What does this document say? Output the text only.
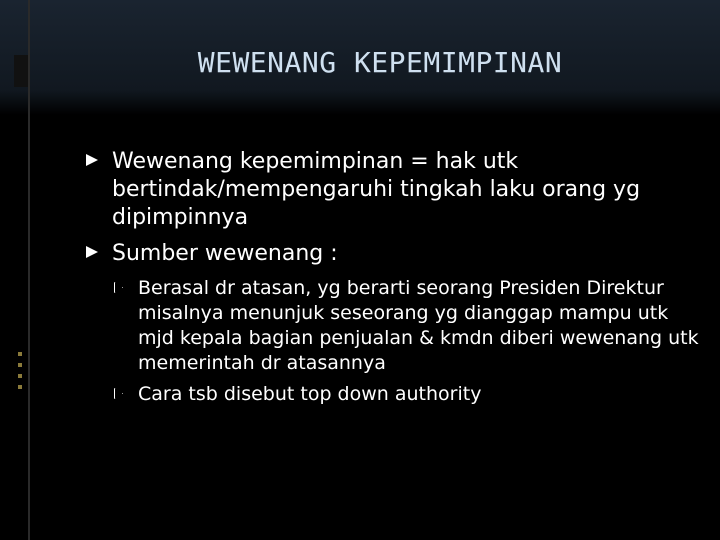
WEWENANG KEPEMIMPINAN
Wewenang kepemimpinan = hak utk bertindak/mempengaruhi tingkah laku orang yg dipimpinnya
Sumber wewenang :
Berasal dr atasan, yg berarti seorang Presiden Direktur misalnya menunjuk seseorang yg dianggap mampu utk mjd kepala bagian penjualan & kmdn diberi wewenang utk memerintah dr atasannya
Cara tsb disebut top down authority
